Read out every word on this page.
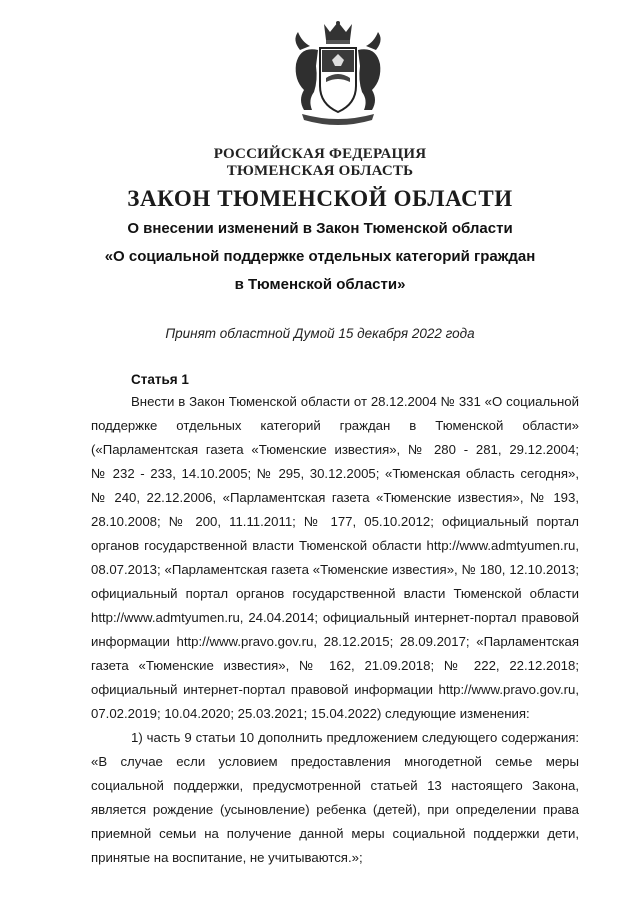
РОССИЙСКАЯ ФЕДЕРАЦИЯ
ТЮМЕНСКАЯ ОБЛАСТЬ
ЗАКОН ТЮМЕНСКОЙ ОБЛАСТИ
О внесении изменений в Закон Тюменской области
«О социальной поддержке отдельных категорий граждан
в Тюменской области»
Принят областной Думой 15 декабря 2022 года
Статья 1
Внести в Закон Тюменской области от 28.12.2004 № 331 «О социальной
поддержке отдельных категорий граждан в Тюменской области»
(«Парламентская газета «Тюменские известия», № 280 - 281, 29.12.2004;
№ 232 - 233, 14.10.2005; № 295, 30.12.2005; «Тюменская область сегодня»,
№ 240, 22.12.2006, «Парламентская газета «Тюменские известия», № 193,
28.10.2008; № 200, 11.11.2011; № 177, 05.10.2012; официальный портал
органов государственной власти Тюменской области http://www.admtyumen.ru,
08.07.2013; «Парламентская газета «Тюменские известия», № 180, 12.10.2013;
официальный портал органов государственной власти Тюменской области
http://www.admtyumen.ru, 24.04.2014; официальный интернет-портал правовой
информации http://www.pravo.gov.ru, 28.12.2015; 28.09.2017; «Парламентская
газета «Тюменские известия», № 162, 21.09.2018; № 222, 22.12.2018;
официальный интернет-портал правовой информации http://www.pravo.gov.ru,
07.02.2019; 10.04.2020; 25.03.2021; 15.04.2022) следующие изменения:
1) часть 9 статьи 10 дополнить предложением следующего содержания:
«В случае если условием предоставления многодетной семье меры
социальной поддержки, предусмотренной статьей 13 настоящего Закона,
является рождение (усыновление) ребенка (детей), при определении права
приемной семьи на получение данной меры социальной поддержки дети,
принятые на воспитание, не учитываются.»;
